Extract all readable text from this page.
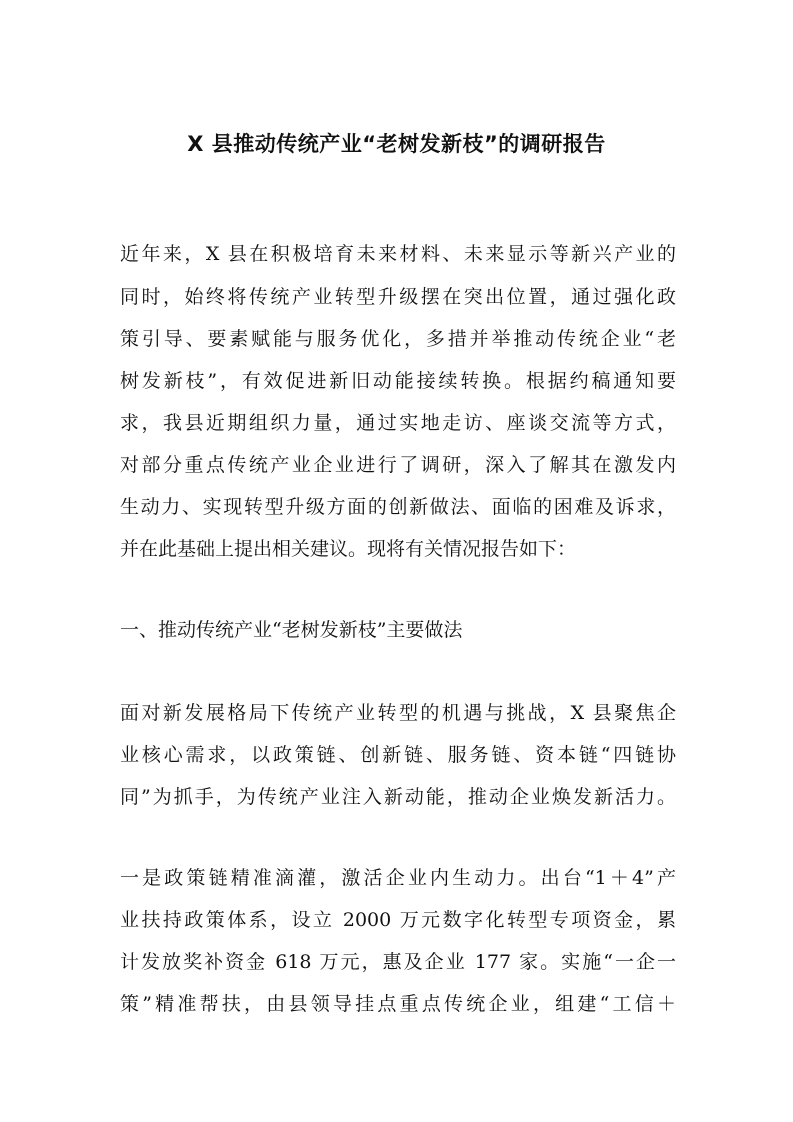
X 县推动传统产业“老树发新枝”的调研报告

近年来，X 县在积极培育未来材料、未来显示等新兴产业的

同时，始终将传统产业转型升级摆在突出位置，通过强化政

策引导、要素赋能与服务优化，多措并举推动传统企业“老

树发新枝”，有效促进新旧动能接续转换。根据约稿通知要

求，我县近期组织力量，通过实地走访、座谈交流等方式，

对部分重点传统产业企业进行了调研，深入了解其在激发内

生动力、实现转型升级方面的创新做法、面临的困难及诉求，

并在此基础上提出相关建议。现将有关情况报告如下：

一、推动传统产业“老树发新枝”主要做法

面对新发展格局下传统产业转型的机遇与挑战，X 县聚焦企

业核心需求，以政策链、创新链、服务链、资本链“四链协

同”为抓手，为传统产业注入新动能，推动企业焕发新活力。

一是政策链精准滴灌，激活企业内生动力。出台“1＋4”产

业扶持政策体系，设立 2000 万元数字化转型专项资金，累

计发放奖补资金 618 万元，惠及企业 177 家。实施“一企一

策”精准帮扶，由县领导挂点重点传统企业，组建“工信＋
